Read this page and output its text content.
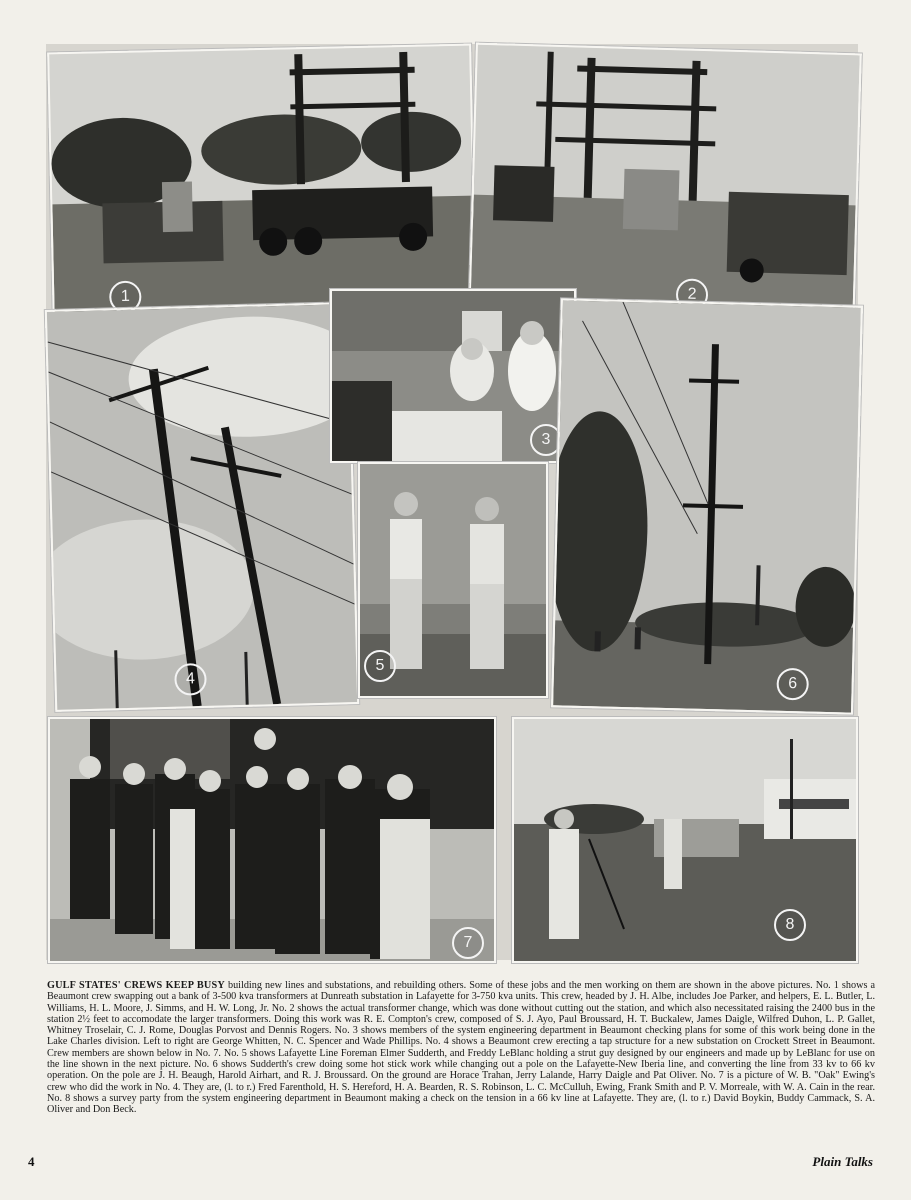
1	2
4
3
6
5
7
8
GULF STATES' CREWS KEEP BUSY building new lines and substations, and rebuilding others. Some of these jobs and the men working on them are shown in the above pictures. No. 1 shows a Beaumont crew swapping out a bank of 3-500 kva transformers at Dunreath substation in Lafayette for 3-750 kva units. This crew, headed by J. H. Albe, includes Joe Parker, and helpers, E. L. Butler, L. Williams, H. L. Moore, J. Simms, and H. W. Long, Jr. No. 2 shows the actual transformer change, which was done without cutting out the station, and which also necessitated raising the 2400 bus in the station 2½ feet to accomodate the larger transformers. Doing this work was R. E. Compton's crew, composed of S. J. Ayo, Paul Broussard, H. T. Buckalew, James Daigle, Wilfred Duhon, L. P. Gallet, Whitney Troselair, C. J. Rome, Douglas Porvost and Dennis Rogers. No. 3 shows members of the system engineering department in Beaumont checking plans for some of this work being done in the Lake Charles division. Left to right are George Whitten, N. C. Spencer and Wade Phillips. No. 4 shows a Beaumont crew erecting a tap structure for a new substation on Crockett Street in Beaumont. Crew members are shown below in No. 7. No. 5 shows Lafayette Line Foreman Elmer Sudderth, and Freddy LeBlanc holding a strut guy designed by our engineers and made up by LeBlanc for use on the line shown in the next picture. No. 6 shows Sudderth's crew doing some hot stick work while changing out a pole on the Lafayette-New Iberia line, and converting the line from 33 kv to 66 kv operation. On the pole are J. H. Beaugh, Harold Airhart, and R. J. Broussard. On the ground are Horace Trahan, Jerry Lalande, Harry Daigle and Pat Oliver. No. 7 is a picture of W. B. "Oak" Ewing's crew who did the work in No. 4. They are, (l. to r.) Fred Farenthold, H. S. Hereford, H. A. Bearden, R. S. Robinson, L. C. McCulluh, Ewing, Frank Smith and P. V. Morreale, with W. A. Cain in the rear. No. 8 shows a survey party from the system engineering department in Beaumont making a check on the tension in a 66 kv line at Lafayette. They are, (l. to r.) David Boykin, Buddy Cammack, S. A. Oliver and Don Beck.
4	Plain Talks
